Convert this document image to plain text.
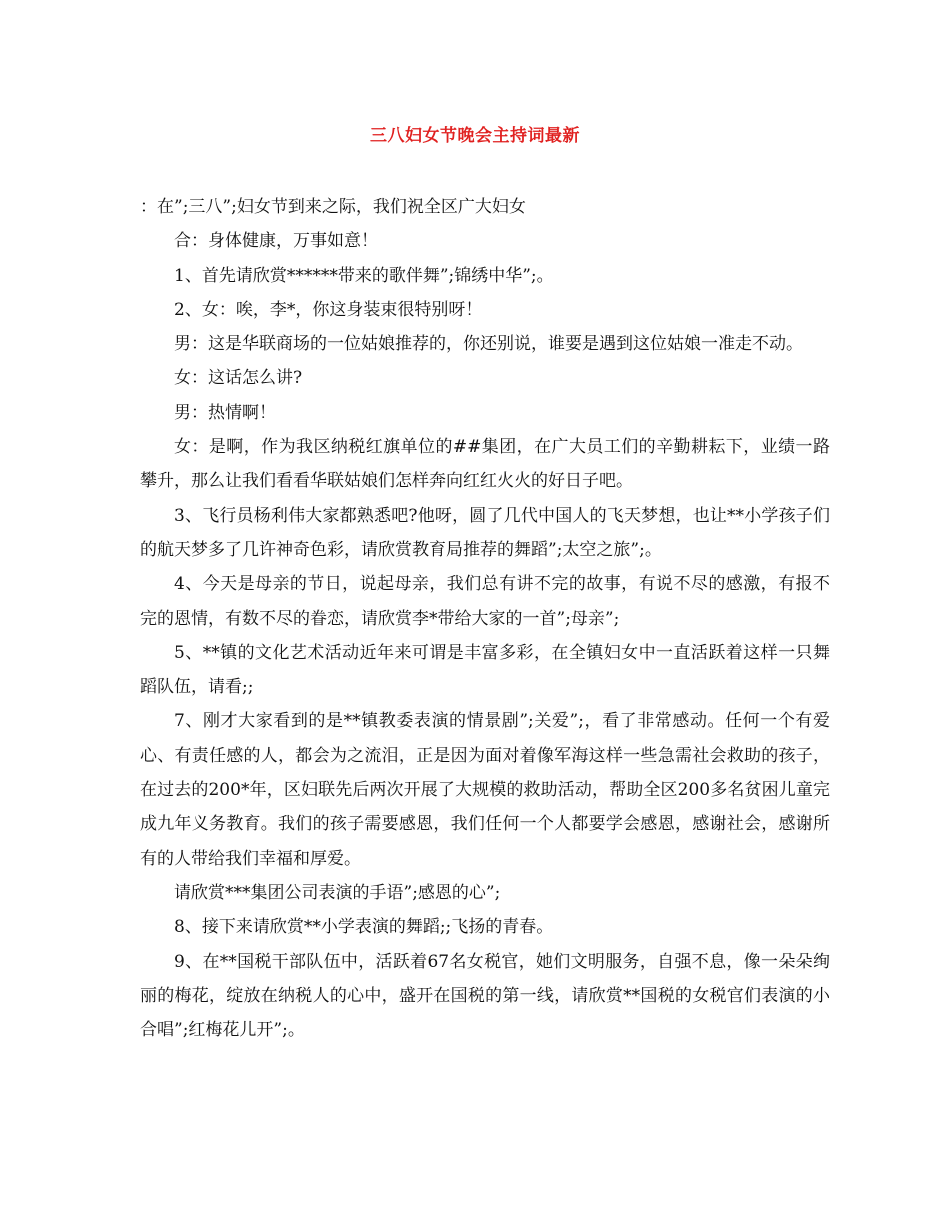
三八妇女节晚会主持词最新

：在”;三八”;妇女节到来之际，我们祝全区广大妇女

合：身体健康，万事如意！

1、首先请欣赏******带来的歌伴舞”;锦绣中华”;。

2、女：唉，李*，你这身装束很特别呀！

男：这是华联商场的一位姑娘推荐的，你还别说，谁要是遇到这位姑娘一准走不动。

女：这话怎么讲?

男：热情啊！

女：是啊，作为我区纳税红旗单位的##集团，在广大员工们的辛勤耕耘下，业绩一路攀升，那么让我们看看华联姑娘们怎样奔向红红火火的好日子吧。

3、飞行员杨利伟大家都熟悉吧?他呀，圆了几代中国人的飞天梦想，也让**小学孩子们的航天梦多了几许神奇色彩，请欣赏教育局推荐的舞蹈”;太空之旅”;。

4、今天是母亲的节日，说起母亲，我们总有讲不完的故事，有说不尽的感激，有报不完的恩情，有数不尽的眷恋，请欣赏李*带给大家的一首”;母亲”;

5、**镇的文化艺术活动近年来可谓是丰富多彩，在全镇妇女中一直活跃着这样一只舞蹈队伍，请看;;

7、刚才大家看到的是**镇教委表演的情景剧”;关爱”;，看了非常感动。任何一个有爱心、有责任感的人，都会为之流泪，正是因为面对着像军海这样一些急需社会救助的孩子，在过去的200*年，区妇联先后两次开展了大规模的救助活动，帮助全区200多名贫困儿童完成九年义务教育。我们的孩子需要感恩，我们任何一个人都要学会感恩，感谢社会，感谢所有的人带给我们幸福和厚爱。

请欣赏***集团公司表演的手语”;感恩的心”;

8、接下来请欣赏**小学表演的舞蹈;;飞扬的青春。

9、在**国税干部队伍中，活跃着67名女税官，她们文明服务，自强不息，像一朵朵绚丽的梅花，绽放在纳税人的心中，盛开在国税的第一线，请欣赏**国税的女税官们表演的小合唱”;红梅花儿开”;。
